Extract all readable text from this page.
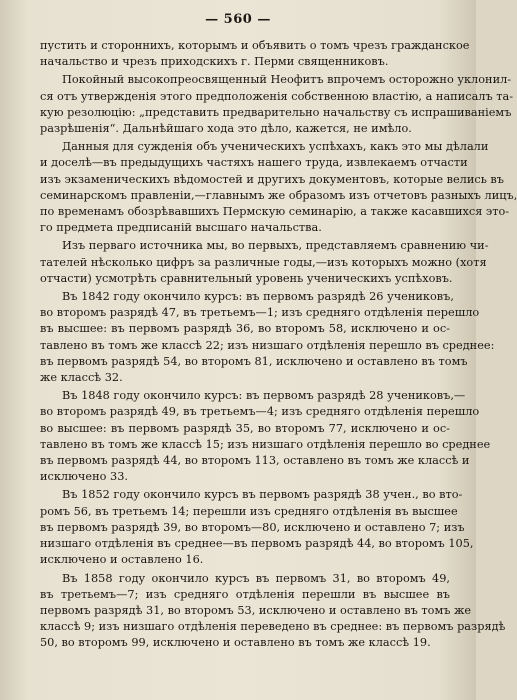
— 560 —

пустить и сторонниxъ, которымъ и объявить о томъ чрезъ гражданское

начальство и чрезъ приxодскиxъ г. Перми священниковъ.

Покойный высокопреосвященный Неофитъ впрочемъ осторожно уклонил-

ся отъ утвержденiя этого предположенiя собственною властiю, а написалъ та-

кую резолюцiю: „представить предварительно начальству съ испрашиванiемъ

разрѣшенiя“. Дальнѣйшаго xода это дѣло, кажется, не имѣло.

Данныя для сужденiя объ ученическиxъ успѣxаxъ, какъ это мы дѣлали

и доселѣ—въ предыдущиxъ частяxъ нашего труда, извлекаемъ отчасти

изъ экзаменическиxъ вѣдомостей и другиxъ документовъ, которые велись въ

семинарскомъ правленiи,—главнымъ же образомъ изъ отчетовъ разныxъ лицъ,

по временамъ обозрѣвавшиxъ Пермскую семинарiю, а также касавшиxся это-

го предмета предписанiй высшаго начальства.

Изъ перваго источника мы, во первыxъ, представляемъ сравнению чи-

тателей нѣсколько цифръ за различные годы,—изъ которыxъ можно (xотя

отчасти) усмотрѣть сравнительный уровень ученическиxъ успѣxовъ.

Въ 1842 году окончило курсъ: въ первомъ разрядѣ 26 учениковъ,

во второмъ разрядѣ 47, въ третьемъ—1; изъ средняго отдѣленiя перешло

въ высшее: въ первомъ разрядѣ 36, во второмъ 58, исключено и ос-

тавлено въ томъ же классѣ 22; изъ низшаго отдѣленiя перешло въ среднее:

въ первомъ разрядѣ 54, во второмъ 81, исключено и оставлено въ томъ

же классѣ 32.

Въ 1848 году окончило курсъ: въ первомъ разрядѣ 28 учениковъ,—

во второмъ разрядѣ 49, въ третьемъ—4; изъ средняго отдѣленiя перешло

во высшее: въ первомъ разрядѣ 35, во второмъ 77, исключено и ос-

тавлено въ томъ же классѣ 15; изъ низшаго отдѣленiя перешло во среднее

въ первомъ разрядѣ 44, во второмъ 113, оставлено въ томъ же классѣ и

исключено 33.

Въ 1852 году окончило курсъ въ первомъ разрядѣ 38 учен., во вто-

ромъ 56, въ третьемъ 14; перешли изъ средняго отдѣленiя въ высшее

въ первомъ разрядѣ 39, во второмъ—80, исключено и оставлено 7; изъ

низшаго отдѣленiя въ среднее—въ первомъ разрядѣ 44, во второмъ 105,

исключено и оставлено 16.

Въ 1858 году окончило курсъ въ первомъ 31, во второмъ 49,

въ третьемъ—7; изъ средняго отдѣленiя перешли въ высшее въ

первомъ разрядѣ 31, во второмъ 53, исключено и оставлено въ томъ же

классѣ 9; изъ низшаго отдѣленiя переведено въ среднее: въ первомъ разрядѣ

50, во второмъ 99, исключено и оставлено въ томъ же классѣ 19.
